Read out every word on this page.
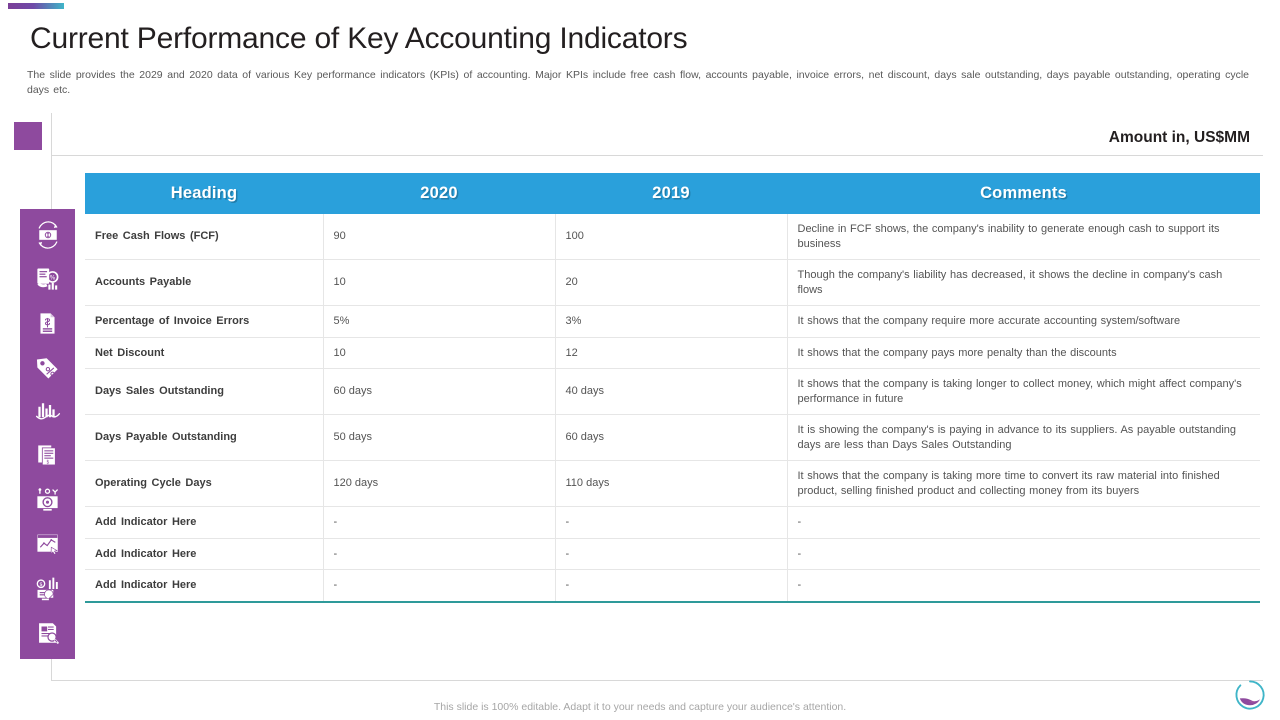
Current Performance of Key Accounting Indicators
The slide provides the 2029 and 2020 data of various Key performance indicators (KPIs) of accounting. Major KPIs include free cash flow, accounts payable, invoice errors, net discount, days sale outstanding, days payable outstanding, operating cycle days etc.
Amount in, US$MM
%
$
$
Heading	2020	2019	Comments
Free Cash Flows (FCF)	90	100	Decline in FCF shows, the company's inability to generate enough cash to support its business
Accounts Payable	10	20	Though the company's liability has decreased, it shows the decline in company's cash flows
Percentage of Invoice Errors	5%	3%	It shows that the company require more accurate accounting system/software
Net Discount	10	12	It shows that the company pays more penalty than the discounts
Days Sales Outstanding	60 days	40 days	It shows that the company is taking longer to collect money, which might affect company's performance in future
Days Payable Outstanding	50 days	60 days	It is showing the company's is paying in advance to its suppliers. As payable outstanding days are less than Days Sales Outstanding
Operating Cycle Days	120 days	110 days	It shows that the company is taking more time to convert its raw material into finished product, selling finished product and collecting money from its buyers
Add Indicator Here	-	-	-
Add Indicator Here	-	-	-
Add Indicator Here	-	-	-
This slide is 100% editable. Adapt it to your needs and capture your audience's attention.
